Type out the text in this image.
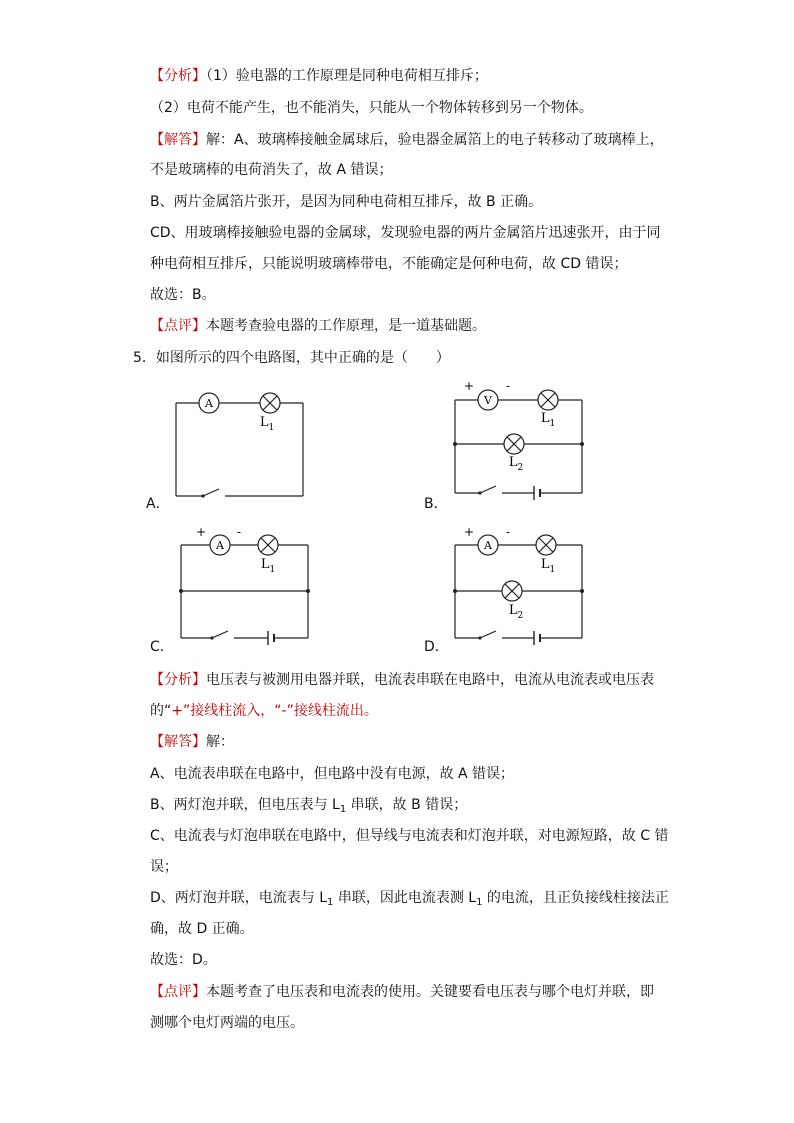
【分析】（1）验电器的工作原理是同种电荷相互排斥；
（2）电荷不能产生，也不能消失，只能从一个物体转移到另一个物体。
【解答】解：A、玻璃棒接触金属球后，验电器金属箔上的电子转移动了玻璃棒上，
不是玻璃棒的电荷消失了，故 A 错误；
B、两片金属箔片张开，是因为同种电荷相互排斥，故 B 正确。
CD、用玻璃棒接触验电器的金属球，发现验电器的两片金属箔片迅速张开，由于同
种电荷相互排斥，只能说明玻璃棒带电，不能确定是何种电荷，故 CD 错误；
故选：B。
【点评】本题考查验电器的工作原理，是一道基础题。
5．如图所示的四个电路图，其中正确的是（　　）
A
$L_1$
A．
V
+	-
$L_1$
$L_2$
B．
A
+	-
$L_1$
C．
A
+	-
$L_1$
$L_2$
D．
【分析】电压表与被测用电器并联，电流表串联在电路中，电流从电流表或电压表
的“+”接线柱流入，“-”接线柱流出。
【解答】解：
A、电流表串联在电路中，但电路中没有电源，故 A 错误；
B、两灯泡并联，但电压表与 $L_1$ 串联，故 B 错误；
C、电流表与灯泡串联在电路中，但导线与电流表和灯泡并联，对电源短路，故 C 错
误；
D、两灯泡并联，电流表与 $L_1$ 串联，因此电流表测 $L_1$ 的电流，且正负接线柱接法正
确，故 D 正确。
故选：D。
【点评】本题考查了电压表和电流表的使用。关键要看电压表与哪个电灯并联，即
测哪个电灯两端的电压。
